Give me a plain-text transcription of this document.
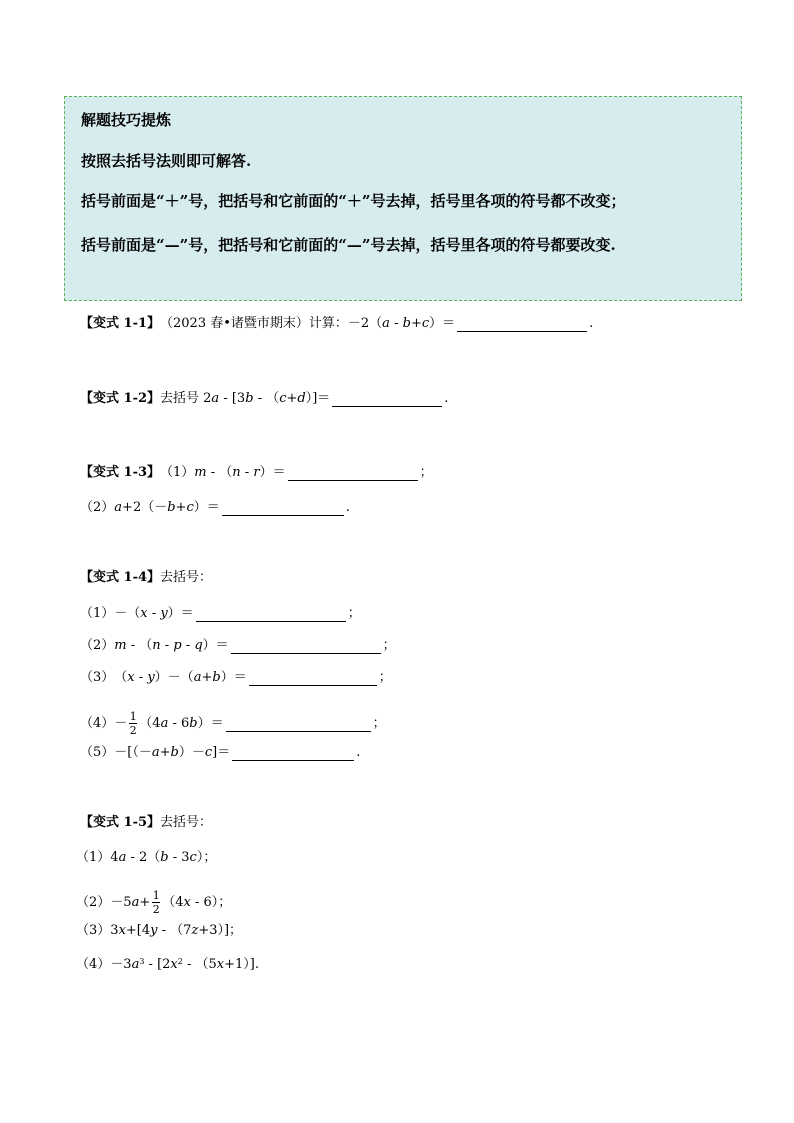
解题技巧提炼
按照去括号法则即可解答.
括号前面是“＋”号，把括号和它前面的“＋”号去掉，括号里各项的符号都不改变；
括号前面是“—”号，把括号和它前面的“—”号去掉，括号里各项的符号都要改变.
【变式 1-1】 （2023 春•诸暨市期末）计算：－2（ a - b + c ）＝	.
【变式 1-2】 去括号 2 a - [3 b - （ c + d ）]＝	.
【变式 1-3】 （1） m - （ n - r ）＝	；
（2） a +2（－ b + c ）＝	.
【变式 1-4】 去括号：
（1） －（ x - y ）＝	；
（2） m - （ n - p - q ）＝	；
（3） （ x - y ）－（ a + b ）＝	；
$(4) - \frac{1}{2} (4$ a - 6 b ）＝	；
（5） －[（－ a + b ）－ c ]＝	.
【变式 1-5】 去括号：
（1） 4 a - 2（ b - 3 c ）；
（2） －5 $a + \frac{1}{2} (4$ x - 6）；
（3） 3 x +[4 y - （7 z +3）]；
（4） －3 $a^3 - [2$ $x^2 - (5$ x +1）].
